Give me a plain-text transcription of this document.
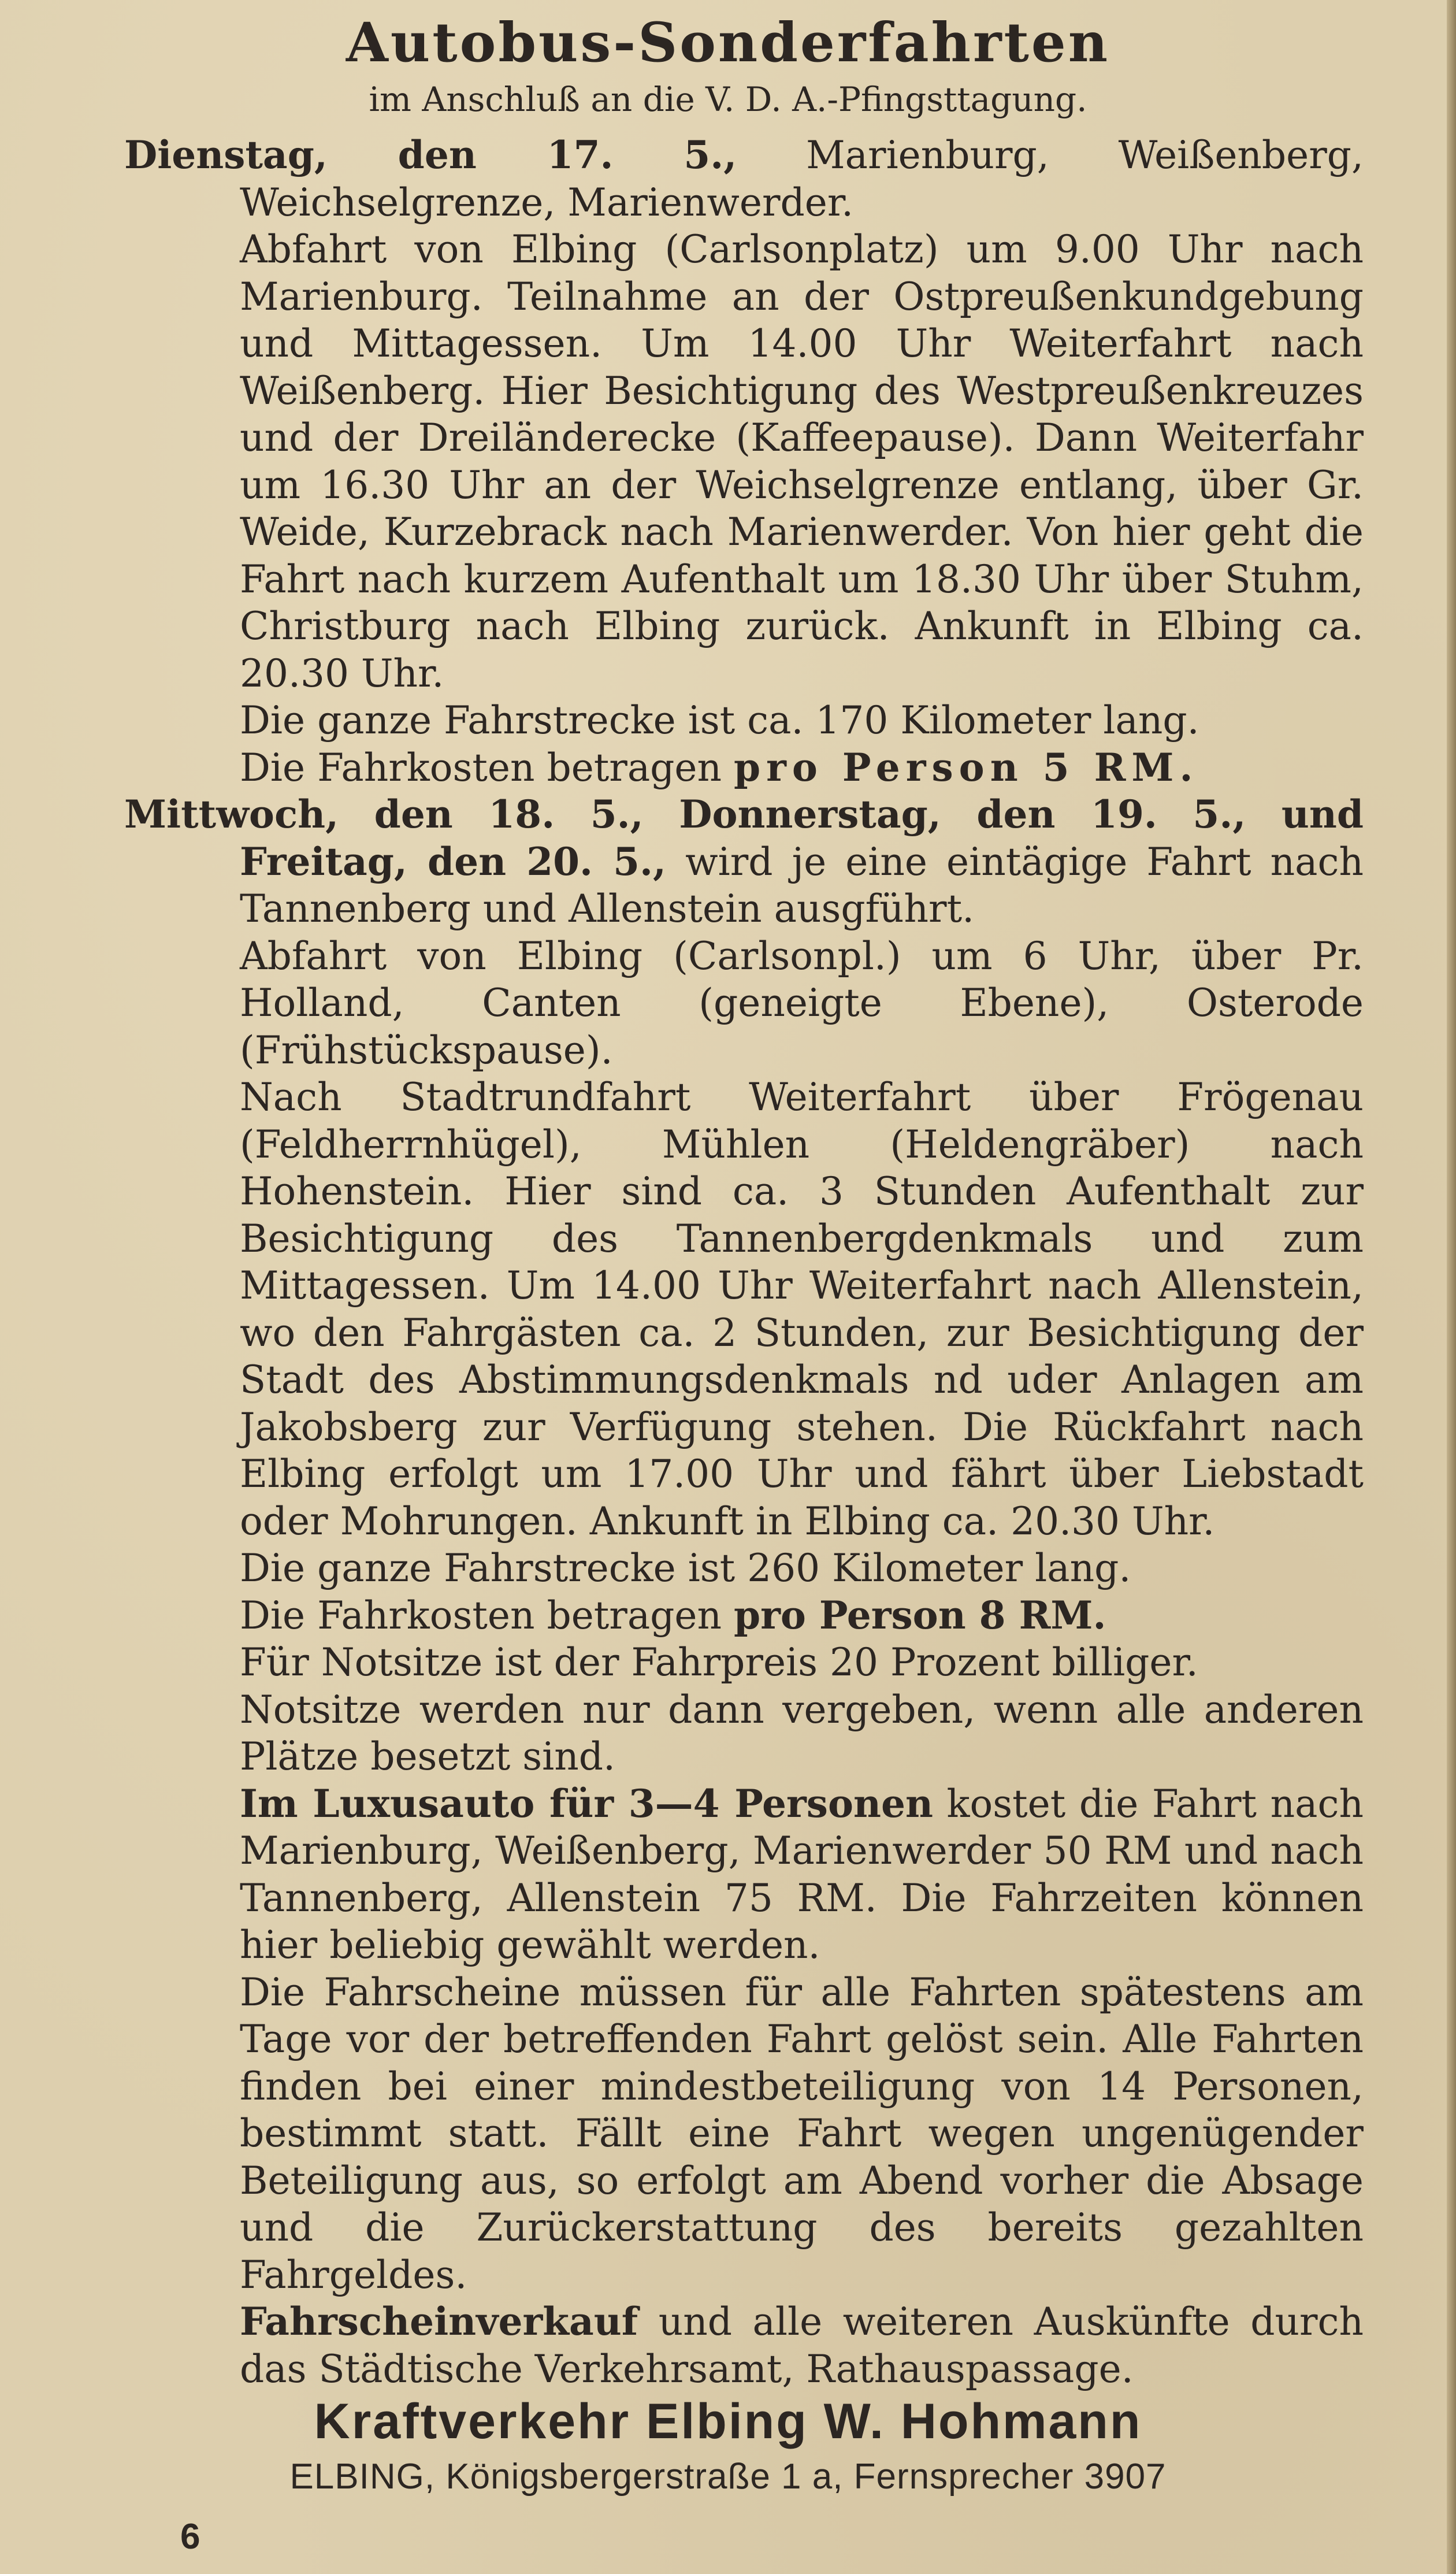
Autobus-Sonderfahrten
im Anschluß an die V. D. A.-Pfingsttagung.

Dienstag, den 17. 5., Marienburg, Weißenberg, Weichselgrenze, Marienwerder.

Abfahrt von Elbing (Carlsonplatz) um 9.00 Uhr nach Marienburg. Teilnahme an der Ostpreußenkundgebung und Mittagessen. Um 14.00 Uhr Weiterfahrt nach Weißenberg. Hier Besichtigung des Westpreußenkreuzes und der Dreiländerecke (Kaffeepause). Dann Weiterfahr um 16.30 Uhr an der Weichselgrenze entlang, über Gr. Weide, Kurzebrack nach Marienwerder. Von hier geht die Fahrt nach kurzem Aufenthalt um 18.30 Uhr über Stuhm, Christburg nach Elbing zurück. Ankunft in Elbing ca. 20.30 Uhr.

Die ganze Fahrstrecke ist ca. 170 Kilometer lang.

Die Fahrkosten betragen pro Person 5 RM.

Mittwoch, den 18. 5., Donnerstag, den 19. 5., und Freitag, den 20. 5., wird je eine eintägige Fahrt nach Tannenberg und Allenstein ausgführt.

Abfahrt von Elbing (Carlsonpl.) um 6 Uhr, über Pr. Holland, Canten (geneigte Ebene), Osterode (Frühstückspause).

Nach Stadtrundfahrt Weiterfahrt über Frögenau (Feldherrnhügel), Mühlen (Heldengräber) nach Hohenstein. Hier sind ca. 3 Stunden Aufenthalt zur Besichtigung des Tannenbergdenkmals und zum Mittagessen. Um 14.00 Uhr Weiterfahrt nach Allenstein, wo den Fahrgästen ca. 2 Stunden, zur Besichtigung der Stadt des Abstimmungsdenkmals nd uder Anlagen am Jakobsberg zur Verfügung stehen. Die Rückfahrt nach Elbing erfolgt um 17.00 Uhr und fährt über Liebstadt oder Mohrungen. Ankunft in Elbing ca. 20.30 Uhr.

Die ganze Fahrstrecke ist 260 Kilometer lang.

Die Fahrkosten betragen pro Person 8 RM.

Für Notsitze ist der Fahrpreis 20 Prozent billiger.

Notsitze werden nur dann vergeben, wenn alle anderen Plätze besetzt sind.

Im Luxusauto für 3—4 Personen kostet die Fahrt nach Marienburg, Weißenberg, Marienwerder 50 RM und nach Tannenberg, Allenstein 75 RM. Die Fahrzeiten können hier beliebig gewählt werden.

Die Fahrscheine müssen für alle Fahrten spätestens am Tage vor der betreffenden Fahrt gelöst sein. Alle Fahrten finden bei einer mindestbeteiligung von 14 Personen, bestimmt statt. Fällt eine Fahrt wegen ungenügender Beteiligung aus, so erfolgt am Abend vorher die Absage und die Zurückerstattung des bereits gezahlten Fahrgeldes.

Fahrscheinverkauf und alle weiteren Auskünfte durch das Städtische Verkehrsamt, Rathauspassage.

Kraftverkehr Elbing W. Hohmann
ELBING, Königsbergerstraße 1 a, Fernsprecher 3907
6
